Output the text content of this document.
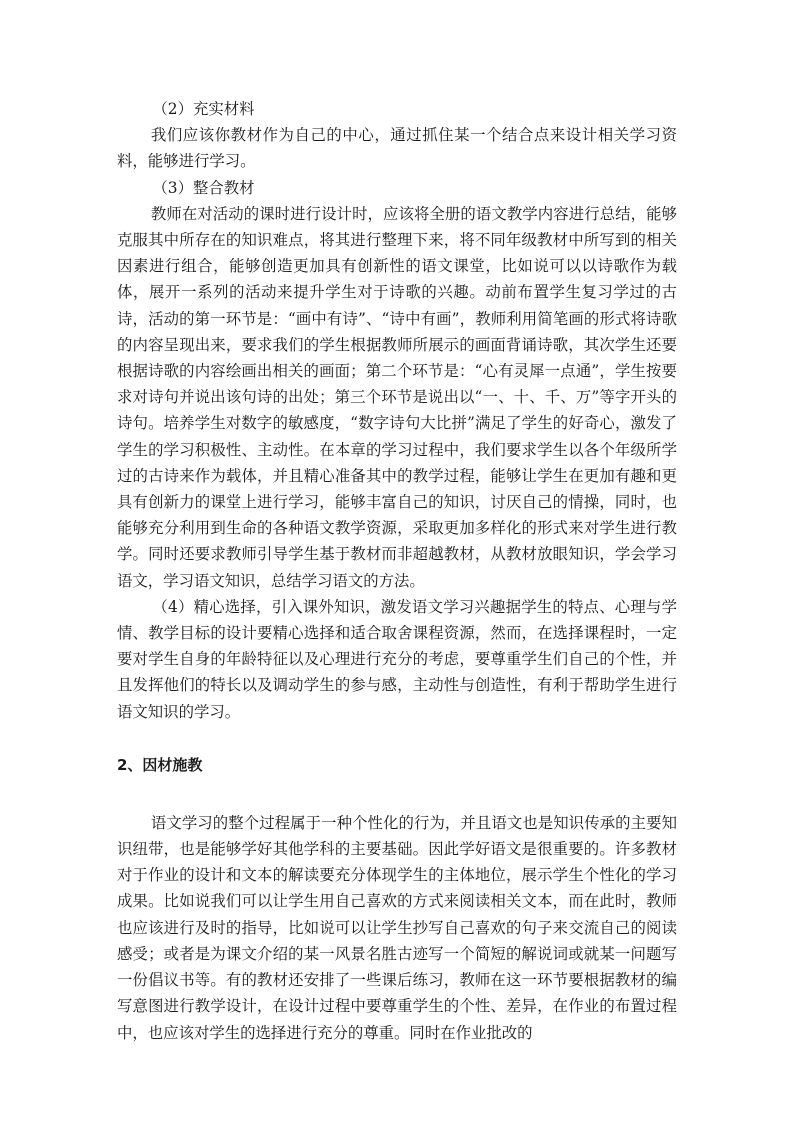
（2）充实材料

我们应该你教材作为自己的中心，通过抓住某一个结合点来设计相关学习资料，能够进行学习。

（3）整合教材

教师在对活动的课时进行设计时，应该将全册的语文教学内容进行总结，能够克服其中所存在的知识难点，将其进行整理下来，将不同年级教材中所写到的相关因素进行组合，能够创造更加具有创新性的语文课堂，比如说可以以诗歌作为载体，展开一系列的活动来提升学生对于诗歌的兴趣。动前布置学生复习学过的古诗，活动的第一环节是：“画中有诗”、“诗中有画”，教师利用简笔画的形式将诗歌的内容呈现出来，要求我们的学生根据教师所展示的画面背诵诗歌，其次学生还要根据诗歌的内容绘画出相关的画面；第二个环节是：“心有灵犀一点通”，学生按要求对诗句并说出该句诗的出处；第三个环节是说出以“一、十、千、万”等字开头的诗句。培养学生对数字的敏感度，“数字诗句大比拼”满足了学生的好奇心，激发了学生的学习积极性、主动性。在本章的学习过程中，我们要求学生以各个年级所学过的古诗来作为载体，并且精心准备其中的教学过程，能够让学生在更加有趣和更具有创新力的课堂上进行学习，能够丰富自己的知识，讨厌自己的情操，同时，也能够充分利用到生命的各种语文教学资源，采取更加多样化的形式来对学生进行教学。同时还要求教师引导学生基于教材而非超越教材，从教材放眼知识，学会学习语文，学习语文知识，总结学习语文的方法。

（4）精心选择，引入课外知识，激发语文学习兴趣据学生的特点、心理与学情、教学目标的设计要精心选择和适合取舍课程资源，然而，在选择课程时，一定要对学生自身的年龄特征以及心理进行充分的考虑，要尊重学生们自己的个性，并且发挥他们的特长以及调动学生的参与感，主动性与创造性，有利于帮助学生进行语文知识的学习。

2、因材施教

语文学习的整个过程属于一种个性化的行为，并且语文也是知识传承的主要知识纽带，也是能够学好其他学科的主要基础。因此学好语文是很重要的。许多教材对于作业的设计和文本的解读要充分体现学生的主体地位，展示学生个性化的学习成果。比如说我们可以让学生用自己喜欢的方式来阅读相关文本，而在此时，教师也应该进行及时的指导，比如说可以让学生抄写自己喜欢的句子来交流自己的阅读感受；或者是为课文介绍的某一风景名胜古迹写一个简短的解说词或就某一问题写一份倡议书等。有的教材还安排了一些课后练习，教师在这一环节要根据教材的编写意图进行教学设计，在设计过程中要尊重学生的个性、差异，在作业的布置过程中，也应该对学生的选择进行充分的尊重。同时在作业批改的
